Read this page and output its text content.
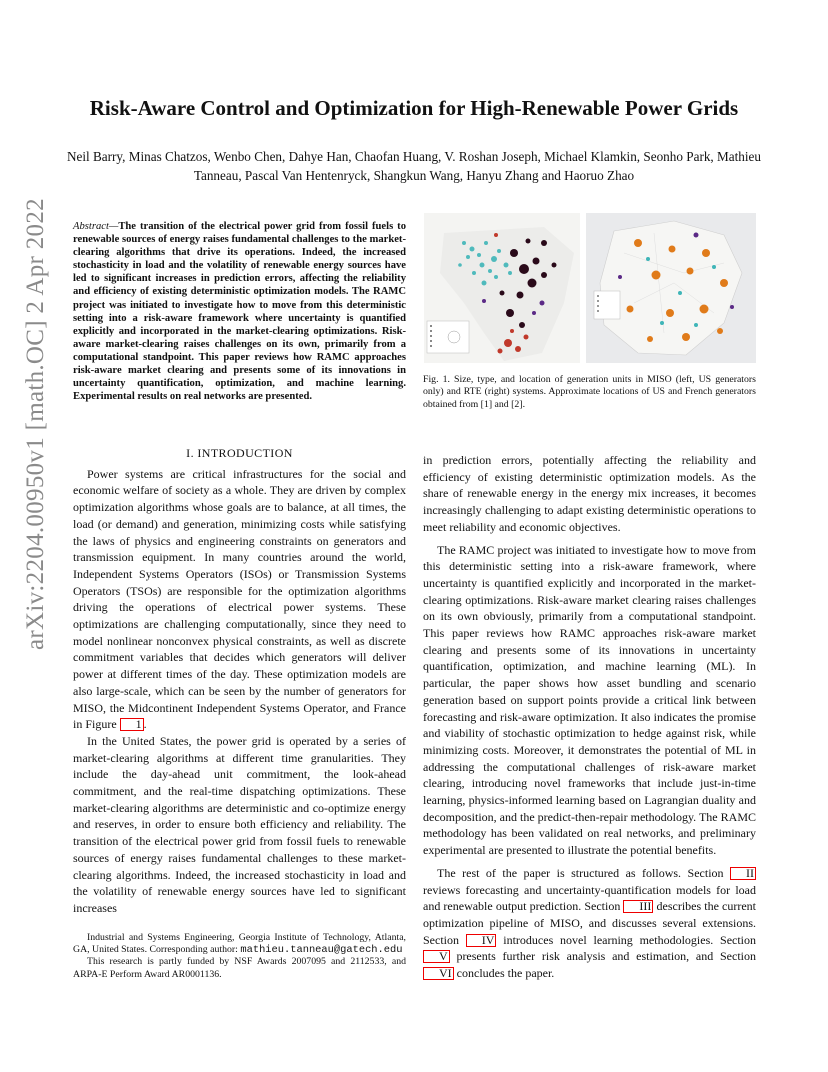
Risk-Aware Control and Optimization for High-Renewable Power Grids
Neil Barry, Minas Chatzos, Wenbo Chen, Dahye Han, Chaofan Huang, V. Roshan Joseph, Michael Klamkin, Seonho Park, Mathieu Tanneau, Pascal Van Hentenryck, Shangkun Wang, Hanyu Zhang and Haoruo Zhao
arXiv:2204.00950v1 [math.OC] 2 Apr 2022 Abstract—The transition of the electrical power grid from fossil fuels to renewable sources of energy raises fundamental challenges to the market-clearing algorithms that drive its operations. Indeed, the increased stochasticity in load and the volatility of renewable energy sources have led to significant increases in prediction errors, affecting the reliability and efficiency of existing deterministic optimization models. The RAMC project was initiated to investigate how to move from this deterministic setting into a risk-aware framework where uncertainty is quantified explicitly and incorporated in the market-clearing optimizations. Risk-aware market-clearing raises challenges on its own, primarily from a computational standpoint. This paper reviews how RAMC approaches risk-aware market clearing and presents some of its innovations in uncertainty quantification, optimization, and machine learning. Experimental results on real networks are presented.
I. INTRODUCTION

Power systems are critical infrastructures for the social and economic welfare of society as a whole. They are driven by complex optimization algorithms whose goals are to balance, at all times, the load (or demand) and generation, minimizing costs while satisfying the laws of physics and engineering constraints on generators and transmission equipment. In many countries around the world, Independent Systems Operators (ISOs) or Transmission Systems Operators (TSOs) are responsible for the optimization algorithms driving the operations of electrical power systems. These optimizations are challenging computationally, since they need to model nonlinear nonconvex physical constraints, as well as discrete commitment variables that decides which generators will deliver power at different times of the day. These optimization models are also large-scale, which can be seen by the number of generators for MISO, the Midcontinent Independent Systems Operator, and France in Figure 1 .

In the United States, the power grid is operated by a series of market-clearing algorithms at different time granularities. They include the day-ahead unit commitment, the look-ahead commitment, and the real-time dispatching optimizations. These market-clearing algorithms are deterministic and co-optimize energy and reserves, in order to ensure both efficiency and reliability. The transition of the electrical power grid from fossil fuels to renewable sources of energy raises fundamental challenges to these market-clearing algorithms. Indeed, the increased stochasticity in load and the volatility of renewable energy sources have led to significant increases

Fig. 1. Size, type, and location of generation units in MISO (left, US generators only) and RTE (right) systems. Approximate locations of US and French generators obtained from [1] and [2].

in prediction errors, potentially affecting the reliability and efficiency of existing deterministic optimization models. As the share of renewable energy in the energy mix increases, it becomes increasingly challenging to adapt existing deterministic operations to meet reliability and economic objectives.

The RAMC project was initiated to investigate how to move from this deterministic setting into a risk-aware framework, where uncertainty is quantified explicitly and incorporated in the market-clearing optimizations. Risk-aware market clearing raises challenges on its own obviously, primarily from a computational standpoint. This paper reviews how RAMC approaches risk-aware market clearing and presents some of its innovations in uncertainty quantification, optimization, and machine learning (ML). In particular, the paper shows how asset bundling and scenario generation based on support points provide a critical link between forecasting and risk-aware optimization. It also indicates the promise and viability of stochastic optimization to hedge against risk, while minimizing costs. Moreover, it demonstrates the potential of ML in addressing the computational challenges of risk-aware market clearing, introducing novel frameworks that include just-in-time learning, physics-informed learning based on Lagrangian duality and decomposition, and the predict-then-repair methodology. The RAMC methodology has been validated on real networks, and preliminary experimental are presented to illustrate the potential benefits.

The rest of the paper is structured as follows. Section II reviews forecasting and uncertainty-quantification models for load and renewable output prediction. Section III describes the current optimization pipeline of MISO, and discusses several extensions. Section IV introduces novel learning methodologies. Section V presents further risk analysis and estimation, and Section VI concludes the paper.

Industrial and Systems Engineering, Georgia Institute of Technology, Atlanta, GA, United States. Corresponding author: mathieu.tanneau@gatech.edu

This research is partly funded by NSF Awards 2007095 and 2112533, and ARPA-E Perform Award AR0001136.
